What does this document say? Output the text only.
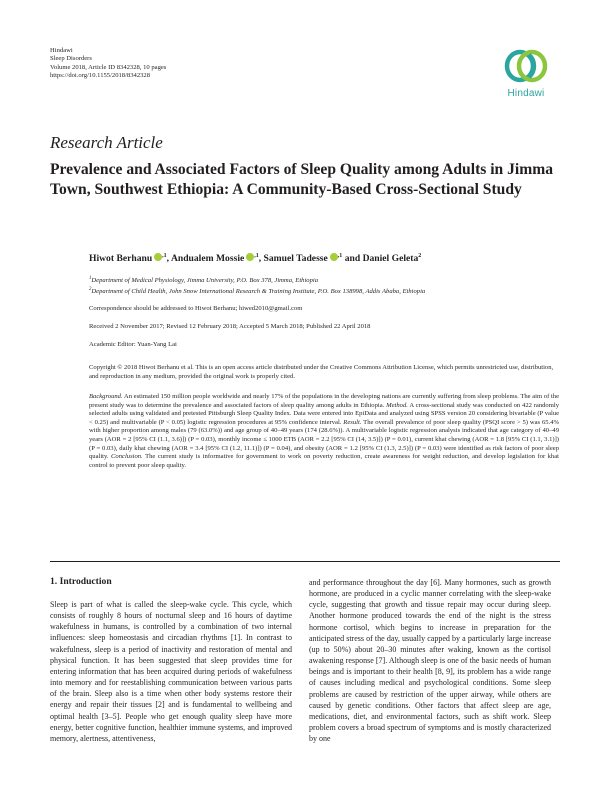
Hindawi
Sleep Disorders
Volume 2018, Article ID 8342328, 10 pages
https://doi.org/10.1155/2018/8342328
Hindawi
Research Article
Prevalence and Associated Factors of Sleep Quality among Adults in Jimma Town, Southwest Ethiopia: A Community-Based Cross-Sectional Study
Hiwot Berhanu $^{,1}$, Andualem Mossie $^{,1}$, Samuel Tadesse $^{,1}$ and Daniel Geleta$^2$
$^1$Department of Medical Physiology, Jimma University, P.O. Box 378, Jimma, Ethiopia
$^2$Department of Child Health, John Snow International Research & Training Institute, P.O. Box 138998, Addis Ababa, Ethiopia
Correspondence should be addressed to Hiwot Berhanu; hiwed2010@gmail.com
Received 2 November 2017; Revised 12 February 2018; Accepted 5 March 2018; Published 22 April 2018
Academic Editor: Yuan-Yang Lai
Copyright © 2018 Hiwot Berhanu et al. This is an open access article distributed under the Creative Commons Attribution License, which permits unrestricted use, distribution, and reproduction in any medium, provided the original work is properly cited.
Background. An estimated 150 million people worldwide and nearly 17% of the populations in the developing nations are currently suffering from sleep problems. The aim of the present study was to determine the prevalence and associated factors of sleep quality among adults in Ethiopia. Method. A cross-sectional study was conducted on 422 randomly selected adults using validated and pretested Pittsburgh Sleep Quality Index. Data were entered into EpiData and analyzed using SPSS version 20 considering bivariable (P value < 0.25) and multivariable (P < 0.05) logistic regression procedures at 95% confidence interval. Result. The overall prevalence of poor sleep quality (PSQI score > 5) was 65.4% with higher proportion among males (79 (63.0%)) and age group of 40–49 years (174 (28.6%)). A multivariable logistic regression analysis indicated that age category of 40–49 years (AOR = 2 [95% CI (1.1, 3.6)]) (P = 0.03), monthly income ≤ 1000 ETB (AOR = 2.2 [95% CI (14, 3.5)]) (P = 0.01), current khat chewing (AOR = 1.8 [95% CI (1.1, 3.1)]) (P = 0.03), daily khat chewing (AOR = 3.4 [95% CI (1.2, 11.1)]) (P = 0.04), and obesity (AOR = 1.2 [95% CI (1.3, 2.5)]) (P = 0.03) were identified as risk factors of poor sleep quality. Conclusion. The current study is informative for government to work on poverty reduction, create awareness for weight reduction, and develop legislation for khat control to prevent poor sleep quality.
1. Introduction
Sleep is part of what is called the sleep-wake cycle. This cycle, which consists of roughly 8 hours of nocturnal sleep and 16 hours of daytime wakefulness in humans, is controlled by a combination of two internal influences: sleep homeostasis and circadian rhythms [1]. In contrast to wakefulness, sleep is a period of inactivity and restoration of mental and physical function. It has been suggested that sleep provides time for entering information that has been acquired during periods of wakefulness into memory and for reestablishing communication between various parts of the brain. Sleep also is a time when other body systems restore their energy and repair their tissues [2] and is fundamental to wellbeing and optimal health [3–5]. People who get enough quality sleep have more energy, better cognitive function, healthier immune systems, and improved memory, alertness, attentiveness,
and performance throughout the day [6]. Many hormones, such as growth hormone, are produced in a cyclic manner correlating with the sleep-wake cycle, suggesting that growth and tissue repair may occur during sleep. Another hormone produced towards the end of the night is the stress hormone cortisol, which begins to increase in preparation for the anticipated stress of the day, usually capped by a particularly large increase (up to 50%) about 20–30 minutes after waking, known as the cortisol awakening response [7]. Although sleep is one of the basic needs of human beings and is important to their health [8, 9], its problem has a wide range of causes including medical and psychological conditions. Some sleep problems are caused by restriction of the upper airway, while others are caused by genetic conditions. Other factors that affect sleep are age, medications, diet, and environmental factors, such as shift work. Sleep problem covers a broad spectrum of symptoms and is mostly characterized by one
